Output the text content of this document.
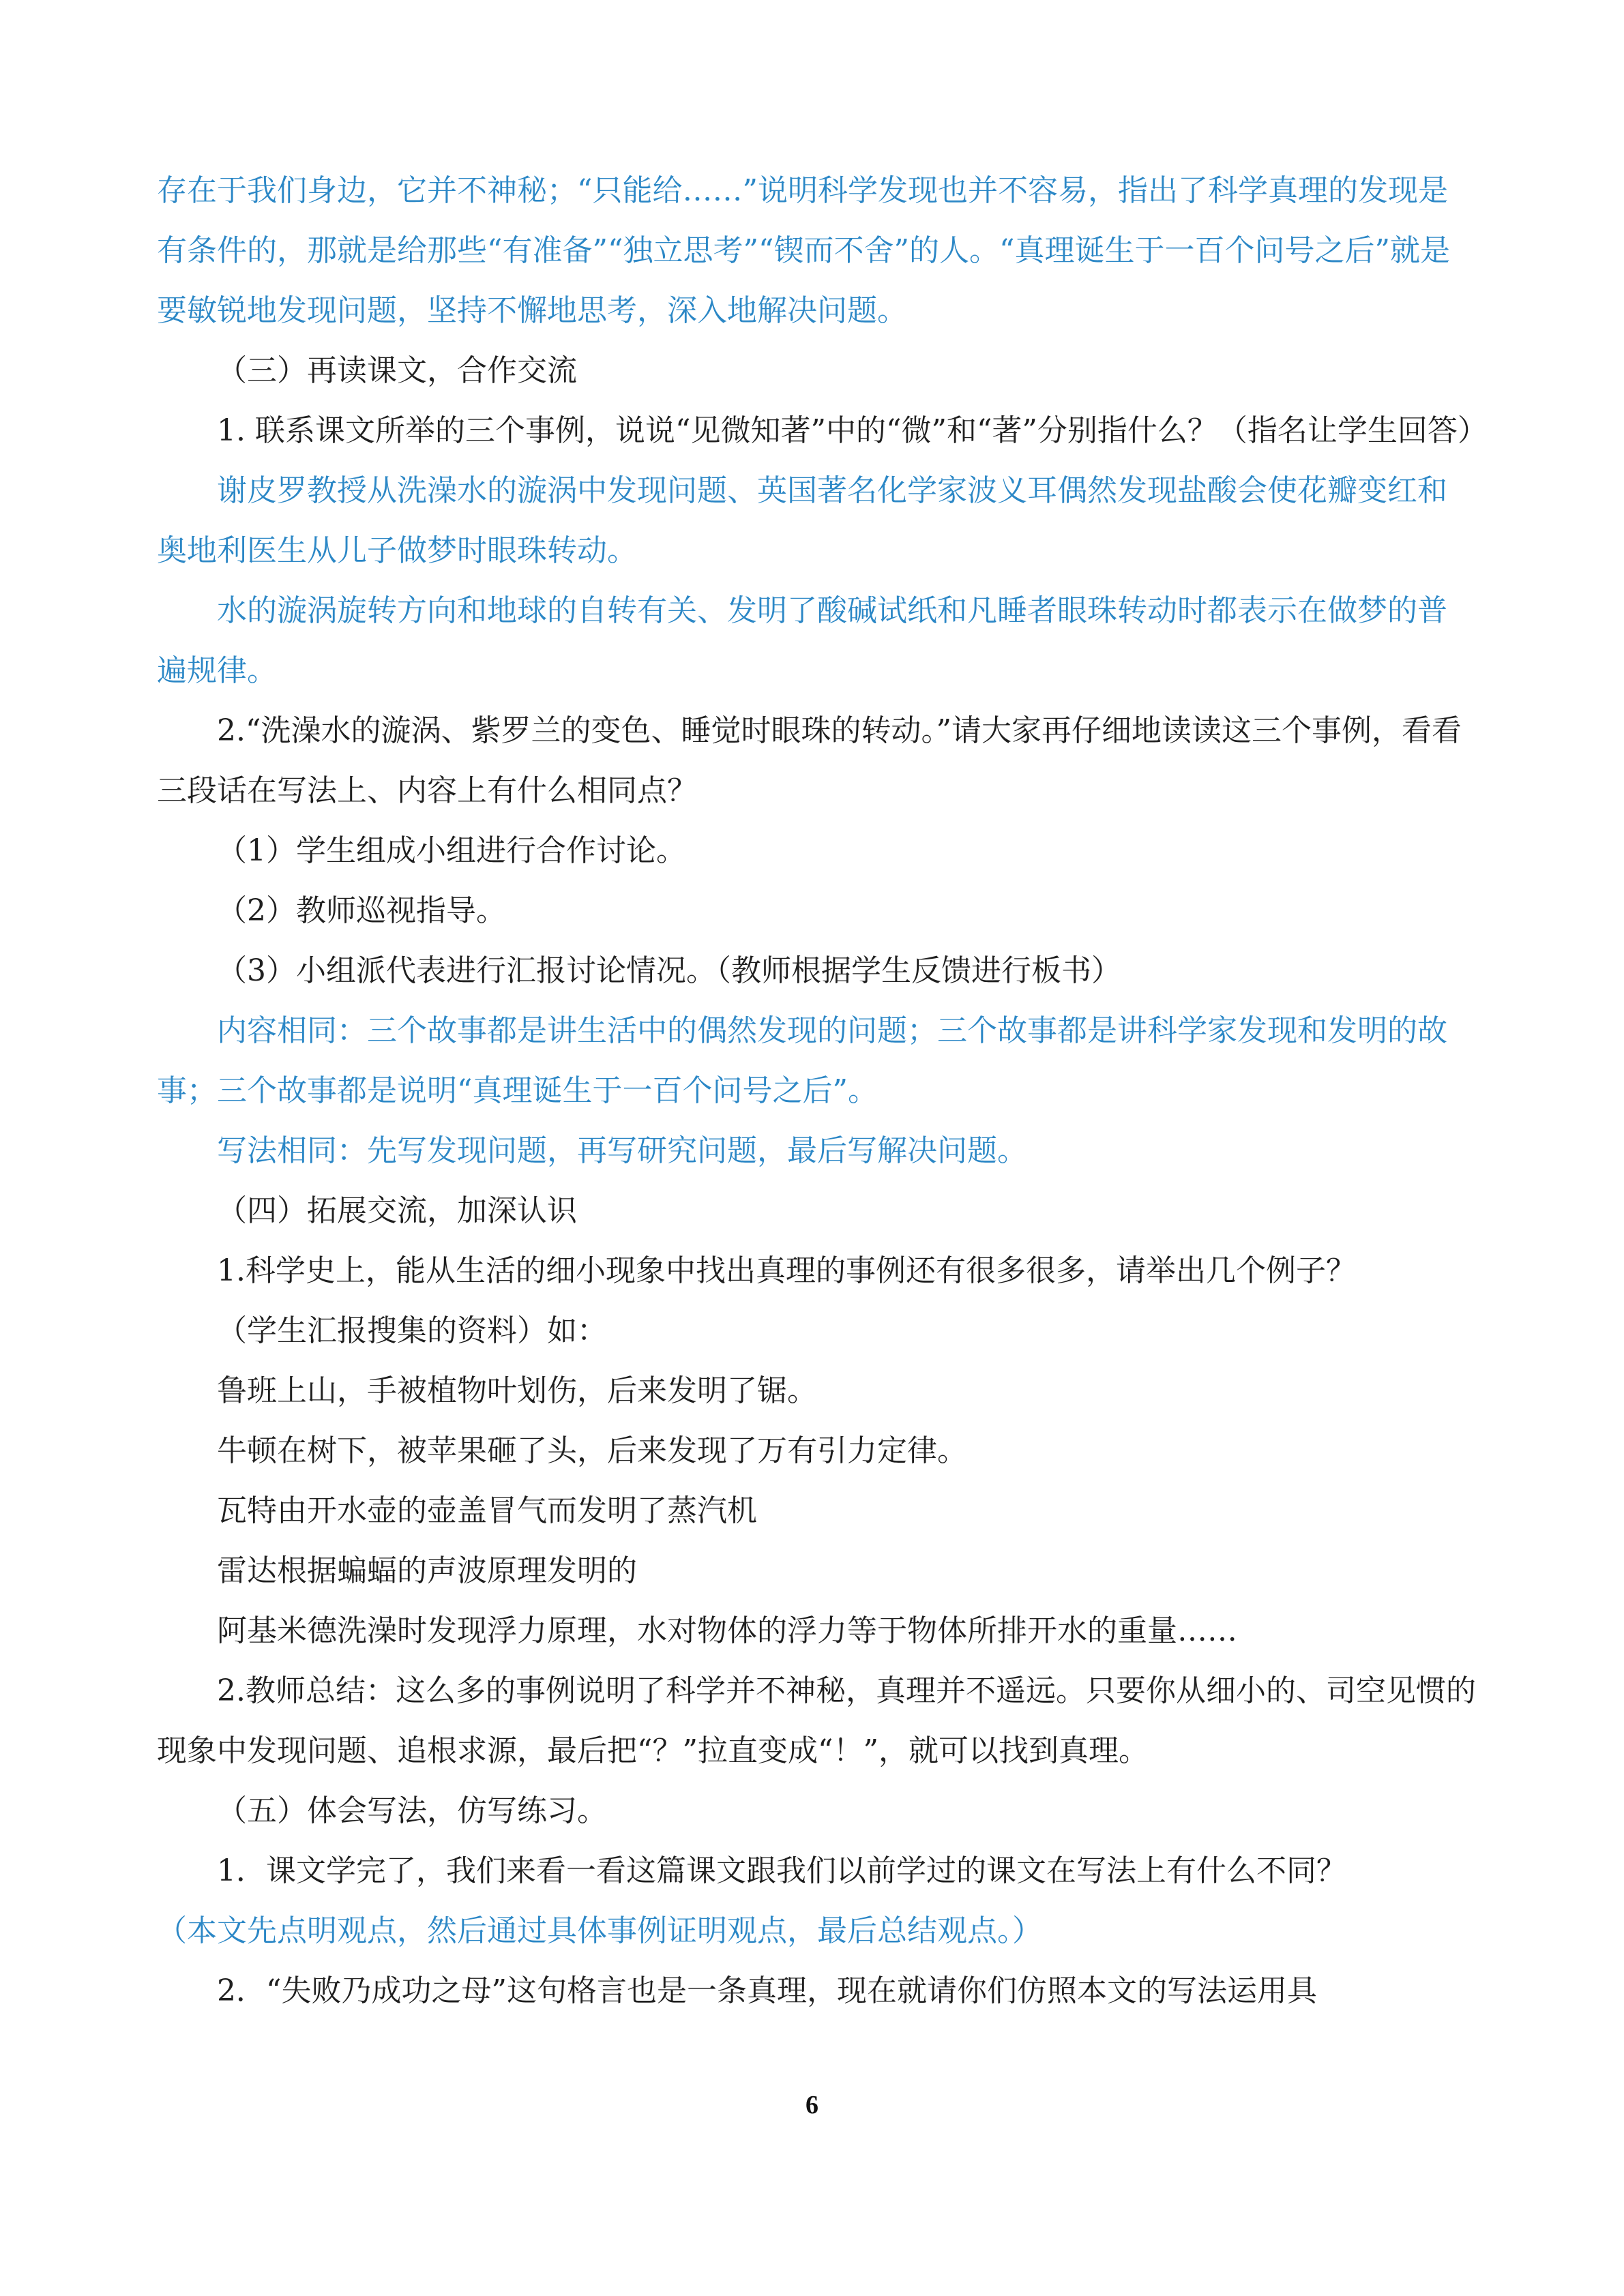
存在于我们身边，它并不神秘；“只能给……”说明科学发现也并不容易，指出了科学真理的发现是有条件的，那就是给那些“有准备”“独立思考”“锲而不舍”的人。“真理诞生于一百个问号之后”就是要敏锐地发现问题，坚持不懈地思考，深入地解决问题。

（三）再读课文，合作交流

1. 联系课文所举的三个事例，说说“见微知著”中的“微”和“著”分别指什么？（指名让学生回答）

谢皮罗教授从洗澡水的漩涡中发现问题、英国著名化学家波义耳偶然发现盐酸会使花瓣变红和奥地利医生从儿子做梦时眼珠转动。

水的漩涡旋转方向和地球的自转有关、发明了酸碱试纸和凡睡者眼珠转动时都表示在做梦的普遍规律。

2.“洗澡水的漩涡、紫罗兰的变色、睡觉时眼珠的转动。”请大家再仔细地读读这三个事例，看看三段话在写法上、内容上有什么相同点？

（1）学生组成小组进行合作讨论。

（2）教师巡视指导。

（3）小组派代表进行汇报讨论情况。（教师根据学生反馈进行板书）

内容相同：三个故事都是讲生活中的偶然发现的问题；三个故事都是讲科学家发现和发明的故事；三个故事都是说明“真理诞生于一百个问号之后”。

写法相同：先写发现问题，再写研究问题，最后写解决问题。

（四）拓展交流，加深认识

1.科学史上，能从生活的细小现象中找出真理的事例还有很多很多，请举出几个例子？

（学生汇报搜集的资料）如：

鲁班上山，手被植物叶划伤，后来发明了锯。

牛顿在树下，被苹果砸了头，后来发现了万有引力定律。

瓦特由开水壶的壶盖冒气而发明了蒸汽机

雷达根据蝙蝠的声波原理发明的

阿基米德洗澡时发现浮力原理，水对物体的浮力等于物体所排开水的重量……

2.教师总结：这么多的事例说明了科学并不神秘，真理并不遥远。只要你从细小的、司空见惯的现象中发现问题、追根求源，最后把“？”拉直变成“！”，就可以找到真理。

（五）体会写法，仿写练习。

1．课文学完了，我们来看一看这篇课文跟我们以前学过的课文在写法上有什么不同？

（本文先点明观点，然后通过具体事例证明观点，最后总结观点。）

2．“失败乃成功之母”这句格言也是一条真理，现在就请你们仿照本文的写法运用具

6
